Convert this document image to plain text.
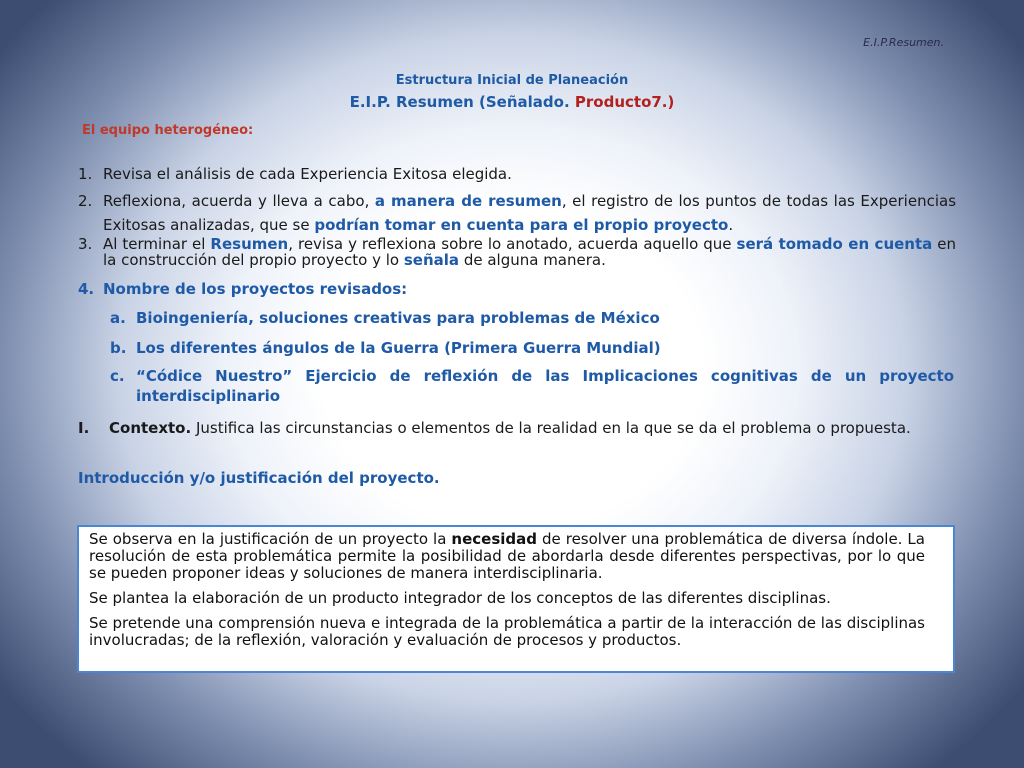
E.I.P.Resumen.
Estructura Inicial de Planeación
E.I.P. Resumen (Señalado. Producto7.)
El equipo heterogéneo:
1. Revisa el análisis de cada Experiencia Exitosa elegida.
2. Reflexiona, acuerda y lleva a cabo, a manera de resumen, el registro de los puntos de todas las Experiencias Exitosas analizadas, que se podrían tomar en cuenta para el propio proyecto.
3. Al terminar el Resumen, revisa y reflexiona sobre lo anotado, acuerda aquello que será tomado en cuenta en la construcción del propio proyecto y lo señala de alguna manera.
4. Nombre de los proyectos revisados:
a. Bioingeniería, soluciones creativas para problemas de México
b. Los diferentes ángulos de la Guerra (Primera Guerra Mundial)
c. “Códice Nuestro” Ejercicio de reflexión de las Implicaciones cognitivas de un proyecto interdisciplinario
I.	Contexto. Justifica las circunstancias o elementos de la realidad en la que se da el problema o propuesta.
Introducción y/o justificación del proyecto.

Se observa en la justificación de un proyecto la necesidad de resolver una problemática de diversa índole. La resolución de esta problemática permite la posibilidad de abordarla desde diferentes perspectivas, por lo que se pueden proponer ideas y soluciones de manera interdisciplinaria.

Se plantea la elaboración de un producto integrador de los conceptos de las diferentes disciplinas.

Se pretende una comprensión nueva e integrada de la problemática a partir de la interacción de las disciplinas involucradas; de la reflexión, valoración y evaluación de procesos y productos.
